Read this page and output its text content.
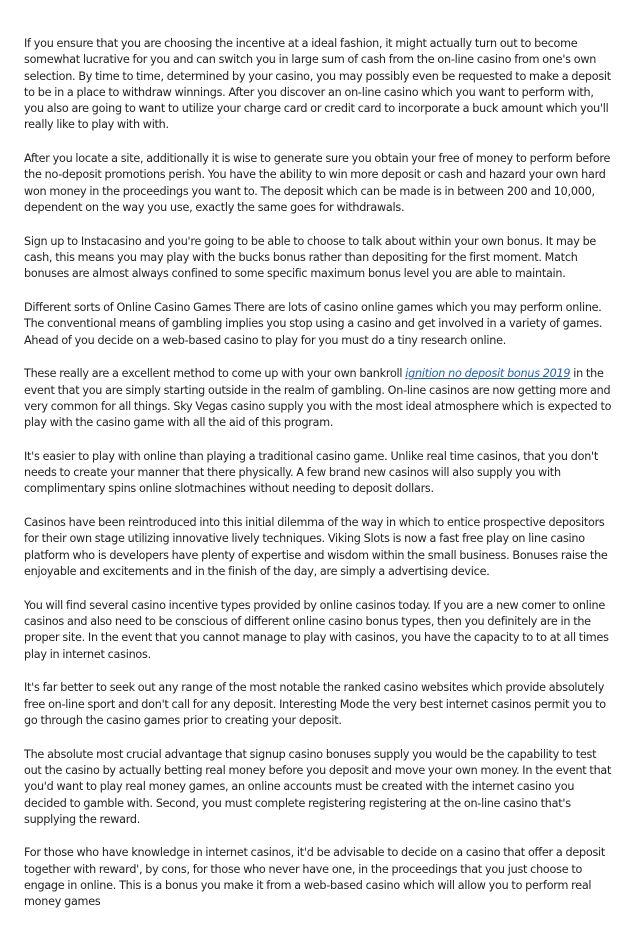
If you ensure that you are choosing the incentive at a ideal fashion, it might actually turn out to become somewhat lucrative for you and can switch you in large sum of cash from the on-line casino from one's own selection. By time to time, determined by your casino, you may possibly even be requested to make a deposit to be in a place to withdraw winnings. After you discover an on-line casino which you want to perform with, you also are going to want to utilize your charge card or credit card to incorporate a buck amount which you'll really like to play with with.

After you locate a site, additionally it is wise to generate sure you obtain your free of money to perform before the no-deposit promotions perish. You have the ability to win more deposit or cash and hazard your own hard won money in the proceedings you want to. The deposit which can be made is in between 200 and 10,000, dependent on the way you use, exactly the same goes for withdrawals.

Sign up to Instacasino and you're going to be able to choose to talk about within your own bonus. It may be cash, this means you may play with the bucks bonus rather than depositing for the first moment. Match bonuses are almost always confined to some specific maximum bonus level you are able to maintain.

Different sorts of Online Casino Games There are lots of casino online games which you may perform online. The conventional means of gambling implies you stop using a casino and get involved in a variety of games. Ahead of you decide on a web-based casino to play for you must do a tiny research online.

These really are a excellent method to come up with your own bankroll ignition no deposit bonus 2019 in the event that you are simply starting outside in the realm of gambling. On-line casinos are now getting more and very common for all things. Sky Vegas casino supply you with the most ideal atmosphere which is expected to play with the casino game with all the aid of this program.

It's easier to play with online than playing a traditional casino game. Unlike real time casinos, that you don't needs to create your manner that there physically. A few brand new casinos will also supply you with complimentary spins online slotmachines without needing to deposit dollars.

Casinos have been reintroduced into this initial dilemma of the way in which to entice prospective depositors for their own stage utilizing innovative lively techniques. Viking Slots is now a fast free play on line casino platform who is developers have plenty of expertise and wisdom within the small business. Bonuses raise the enjoyable and excitements and in the finish of the day, are simply a advertising device.

You will find several casino incentive types provided by online casinos today. If you are a new comer to online casinos and also need to be conscious of different online casino bonus types, then you definitely are in the proper site. In the event that you cannot manage to play with casinos, you have the capacity to to at all times play in internet casinos.

It's far better to seek out any range of the most notable the ranked casino websites which provide absolutely free on-line sport and don't call for any deposit. Interesting Mode the very best internet casinos permit you to go through the casino games prior to creating your deposit.

The absolute most crucial advantage that signup casino bonuses supply you would be the capability to test out the casino by actually betting real money before you deposit and move your own money. In the event that you'd want to play real money games, an online accounts must be created with the internet casino you decided to gamble with. Second, you must complete registering registering at the on-line casino that's supplying the reward.

For those who have knowledge in internet casinos, it'd be advisable to decide on a casino that offer a deposit together with reward', by cons, for those who never have one, in the proceedings that you just choose to engage in online. This is a bonus you make it from a web-based casino which will allow you to perform real money games
